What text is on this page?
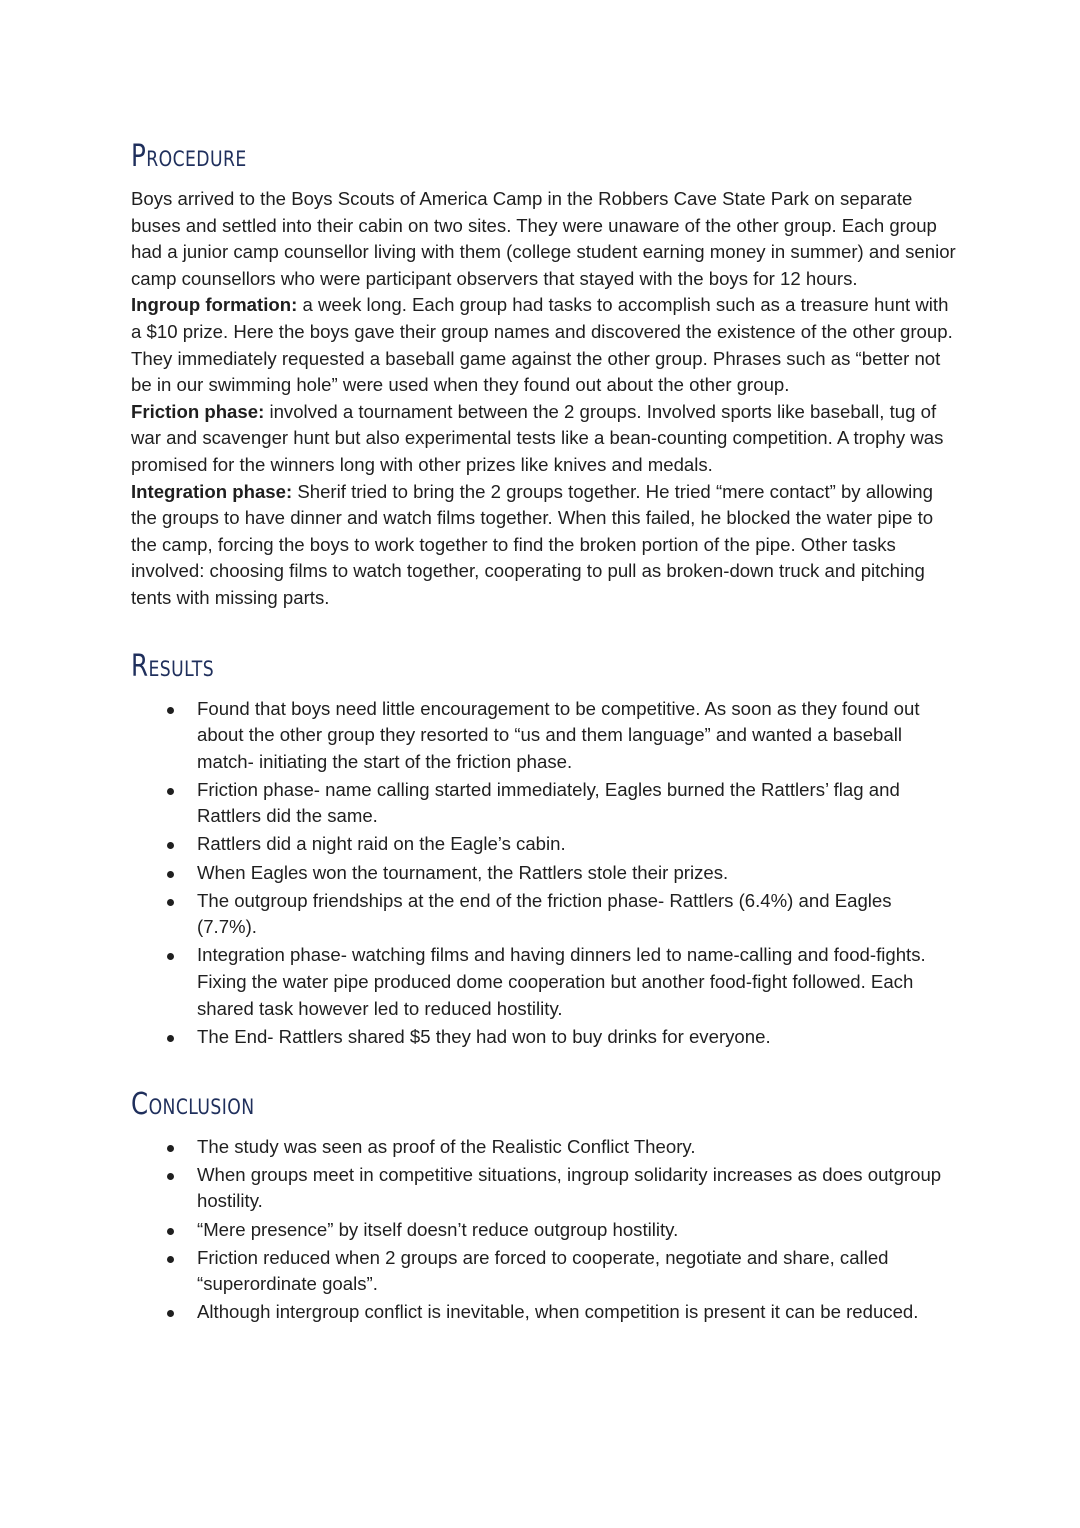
Procedure

Boys arrived to the Boys Scouts of America Camp in the Robbers Cave State Park on separate buses and settled into their cabin on two sites. They were unaware of the other group. Each group had a junior camp counsellor living with them (college student earning money in summer) and senior camp counsellors who were participant observers that stayed with the boys for 12 hours.

Ingroup formation: a week long. Each group had tasks to accomplish such as a treasure hunt with a $10 prize. Here the boys gave their group names and discovered the existence of the other group. They immediately requested a baseball game against the other group. Phrases such as “better not be in our swimming hole” were used when they found out about the other group.

Friction phase: involved a tournament between the 2 groups. Involved sports like baseball, tug of war and scavenger hunt but also experimental tests like a bean-counting competition. A trophy was promised for the winners long with other prizes like knives and medals.

Integration phase: Sherif tried to bring the 2 groups together. He tried “mere contact” by allowing the groups to have dinner and watch films together. When this failed, he blocked the water pipe to the camp, forcing the boys to work together to find the broken portion of the pipe. Other tasks involved: choosing films to watch together, cooperating to pull as broken-down truck and pitching tents with missing parts.

Results
Found that boys need little encouragement to be competitive. As soon as they found out about the other group they resorted to “us and them language” and wanted a baseball match- initiating the start of the friction phase.
Friction phase- name calling started immediately, Eagles burned the Rattlers’ flag and Rattlers did the same.
Rattlers did a night raid on the Eagle’s cabin.
When Eagles won the tournament, the Rattlers stole their prizes.
The outgroup friendships at the end of the friction phase- Rattlers (6.4%) and Eagles (7.7%).
Integration phase- watching films and having dinners led to name-calling and food-fights. Fixing the water pipe produced dome cooperation but another food-fight followed. Each shared task however led to reduced hostility.
The End- Rattlers shared $5 they had won to buy drinks for everyone.
Conclusion
The study was seen as proof of the Realistic Conflict Theory.
When groups meet in competitive situations, ingroup solidarity increases as does outgroup hostility.
“Mere presence” by itself doesn’t reduce outgroup hostility.
Friction reduced when 2 groups are forced to cooperate, negotiate and share, called “superordinate goals”.
Although intergroup conflict is inevitable, when competition is present it can be reduced.
